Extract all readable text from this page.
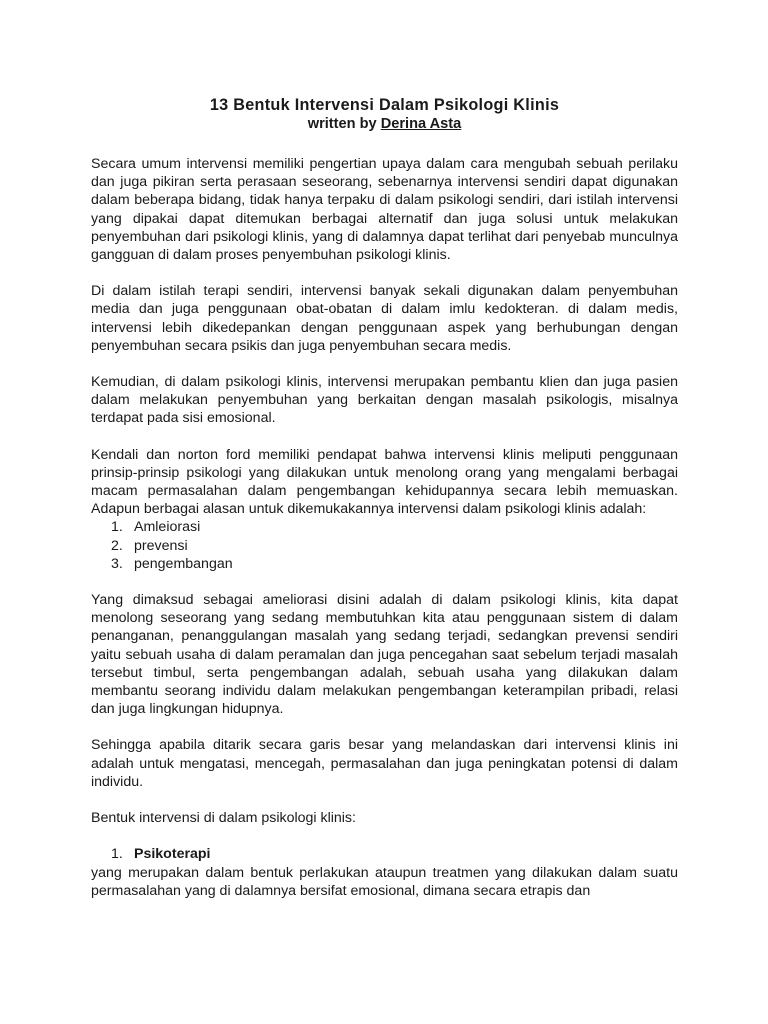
13 Bentuk Intervensi Dalam Psikologi Klinis
written by Derina Asta

Secara umum intervensi memiliki pengertian upaya dalam cara mengubah sebuah perilaku dan juga pikiran serta perasaan seseorang, sebenarnya intervensi sendiri dapat digunakan dalam beberapa bidang, tidak hanya terpaku di dalam psikologi sendiri, dari istilah intervensi yang dipakai dapat ditemukan berbagai alternatif dan juga solusi untuk melakukan penyembuhan dari psikologi klinis, yang di dalamnya dapat terlihat dari penyebab munculnya gangguan di dalam proses penyembuhan psikologi klinis.

Di dalam istilah terapi sendiri, intervensi banyak sekali digunakan dalam penyembuhan media dan juga penggunaan obat-obatan di dalam imlu kedokteran. di dalam medis, intervensi lebih dikedepankan dengan penggunaan aspek yang berhubungan dengan penyembuhan secara psikis dan juga penyembuhan secara medis.

Kemudian, di dalam psikologi klinis, intervensi merupakan pembantu klien dan juga pasien dalam melakukan penyembuhan yang berkaitan dengan masalah psikologis, misalnya terdapat pada sisi emosional.

Kendali dan norton ford memiliki pendapat bahwa intervensi klinis meliputi penggunaan prinsip-prinsip psikologi yang dilakukan untuk menolong orang yang mengalami berbagai macam permasalahan dalam pengembangan kehidupannya secara lebih memuaskan. Adapun berbagai alasan untuk dikemukakannya intervensi dalam psikologi klinis adalah:

1. Amleiorasi
2. prevensi
3. pengembangan

Yang dimaksud sebagai ameliorasi disini adalah di dalam psikologi klinis, kita dapat menolong seseorang yang sedang membutuhkan kita atau penggunaan sistem di dalam penanganan, penanggulangan masalah yang sedang terjadi, sedangkan prevensi sendiri yaitu sebuah usaha di dalam peramalan dan juga pencegahan saat sebelum terjadi masalah tersebut timbul, serta pengembangan adalah, sebuah usaha yang dilakukan dalam membantu seorang individu dalam melakukan pengembangan keterampilan pribadi, relasi dan juga lingkungan hidupnya.

Sehingga apabila ditarik secara garis besar yang melandaskan dari intervensi klinis ini adalah untuk mengatasi, mencegah, permasalahan dan juga peningkatan potensi di dalam individu.

Bentuk intervensi di dalam psikologi klinis:

1. Psikoterapi

yang merupakan dalam bentuk perlakukan ataupun treatmen yang dilakukan dalam suatu permasalahan yang di dalamnya bersifat emosional, dimana secara etrapis dan
